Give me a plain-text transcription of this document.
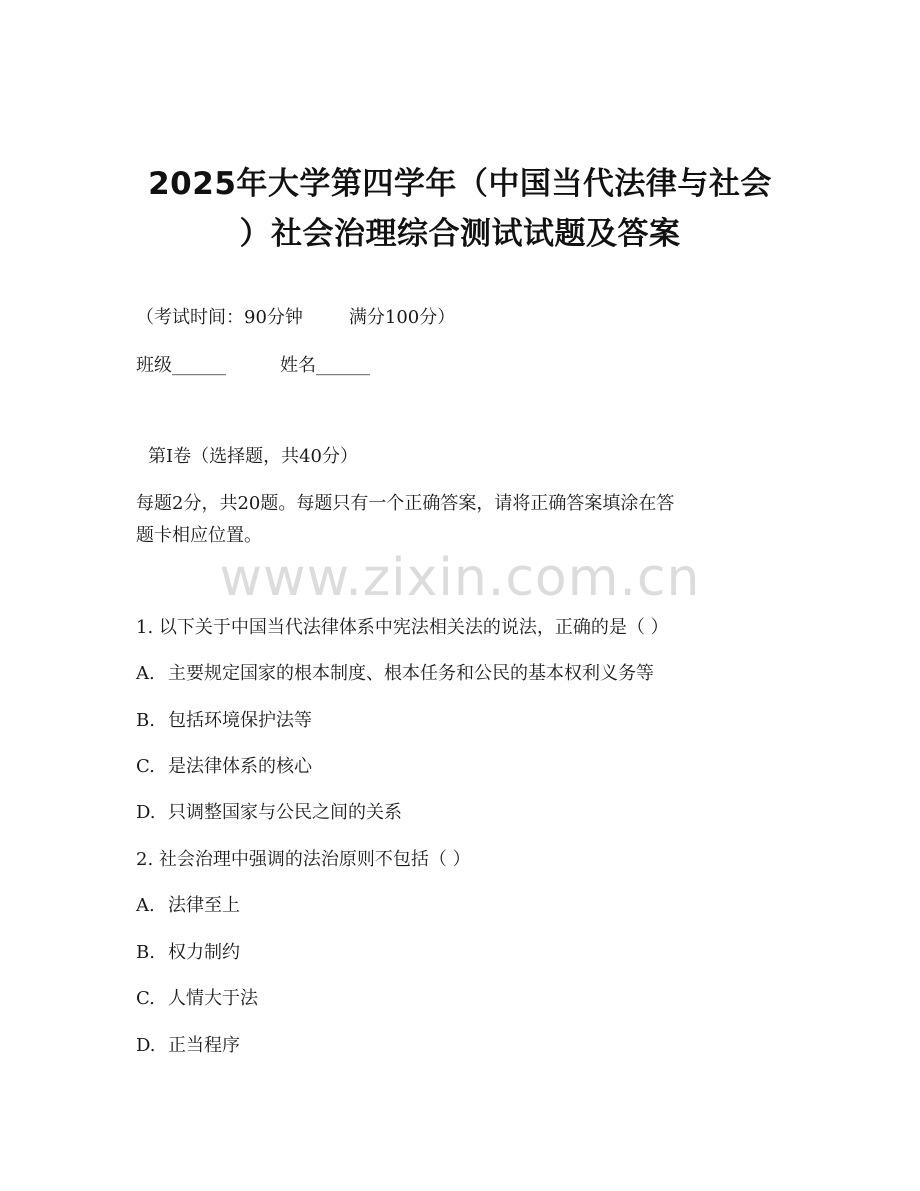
2025年大学第四学年（中国当代法律与社会
）社会治理综合测试试题及答案
（考试时间：90分钟	满分100分）
班级______	姓名______
第I卷（选择题，共40分）
每题2分，共20题。每题只有一个正确答案，请将正确答案填涂在答
题卡相应位置。
www.zixin.com.cn
1. 以下关于中国当代法律体系中宪法相关法的说法，正确的是（ ）
A. 主要规定国家的根本制度、根本任务和公民的基本权利义务等
B. 包括环境保护法等
C. 是法律体系的核心
D. 只调整国家与公民之间的关系
2. 社会治理中强调的法治原则不包括（ ）
A. 法律至上
B. 权力制约
C. 人情大于法
D. 正当程序
